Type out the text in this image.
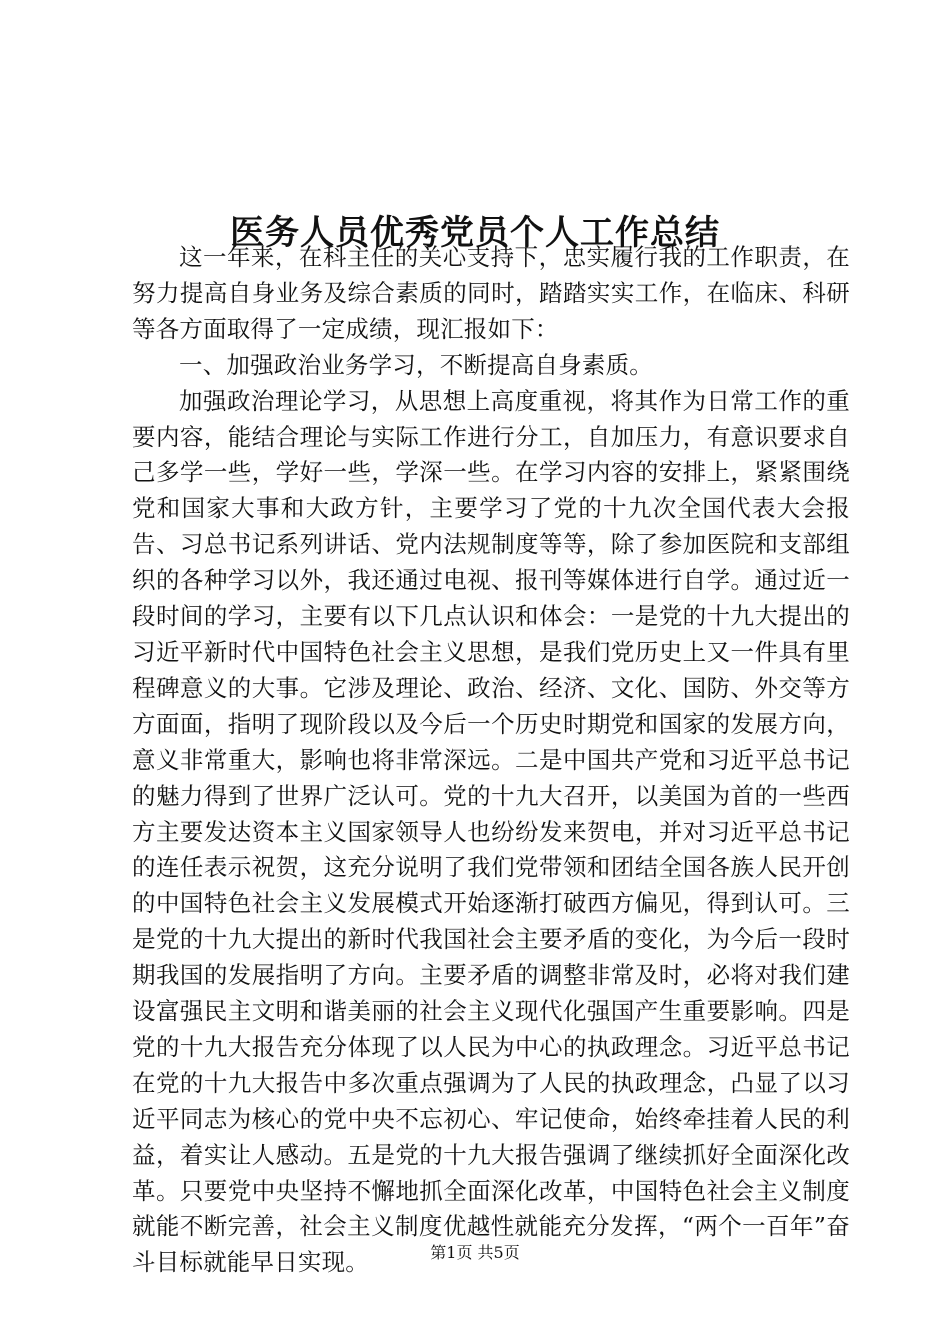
医务人员优秀党员个人工作总结

这一年来，在科主任的关心支持下，忠实履行我的工作职责，在努力提高自身业务及综合素质的同时，踏踏实实工作，在临床、科研等各方面取得了一定成绩，现汇报如下：

一、加强政治业务学习，不断提高自身素质。

加强政治理论学习，从思想上高度重视，将其作为日常工作的重要内容，能结合理论与实际工作进行分工，自加压力，有意识要求自己多学一些，学好一些，学深一些。在学习内容的安排上，紧紧围绕党和国家大事和大政方针，主要学习了党的十九次全国代表大会报告、习总书记系列讲话、党内法规制度等等，除了参加医院和支部组织的各种学习以外，我还通过电视、报刊等媒体进行自学。通过近一段时间的学习，主要有以下几点认识和体会：一是党的十九大提出的习近平新时代中国特色社会主义思想，是我们党历史上又一件具有里程碑意义的大事。它涉及理论、政治、经济、文化、国防、外交等方方面面，指明了现阶段以及今后一个历史时期党和国家的发展方向，意义非常重大，影响也将非常深远。二是中国共产党和习近平总书记的魅力得到了世界广泛认可。党的十九大召开，以美国为首的一些西方主要发达资本主义国家领导人也纷纷发来贺电，并对习近平总书记的连任表示祝贺，这充分说明了我们党带领和团结全国各族人民开创的中国特色社会主义发展模式开始逐渐打破西方偏见，得到认可。三是党的十九大提出的新时代我国社会主要矛盾的变化，为今后一段时期我国的发展指明了方向。主要矛盾的调整非常及时，必将对我们建设富强民主文明和谐美丽的社会主义现代化强国产生重要影响。四是党的十九大报告充分体现了以人民为中心的执政理念。习近平总书记在党的十九大报告中多次重点强调为了人民的执政理念，凸显了以习近平同志为核心的党中央不忘初心、牢记使命，始终牵挂着人民的利益，着实让人感动。五是党的十九大报告强调了继续抓好全面深化改革。只要党中央坚持不懈地抓全面深化改革，中国特色社会主义制度就能不断完善，社会主义制度优越性就能充分发挥，“两个一百年”奋斗目标就能早日实现。	第1页 共5页
